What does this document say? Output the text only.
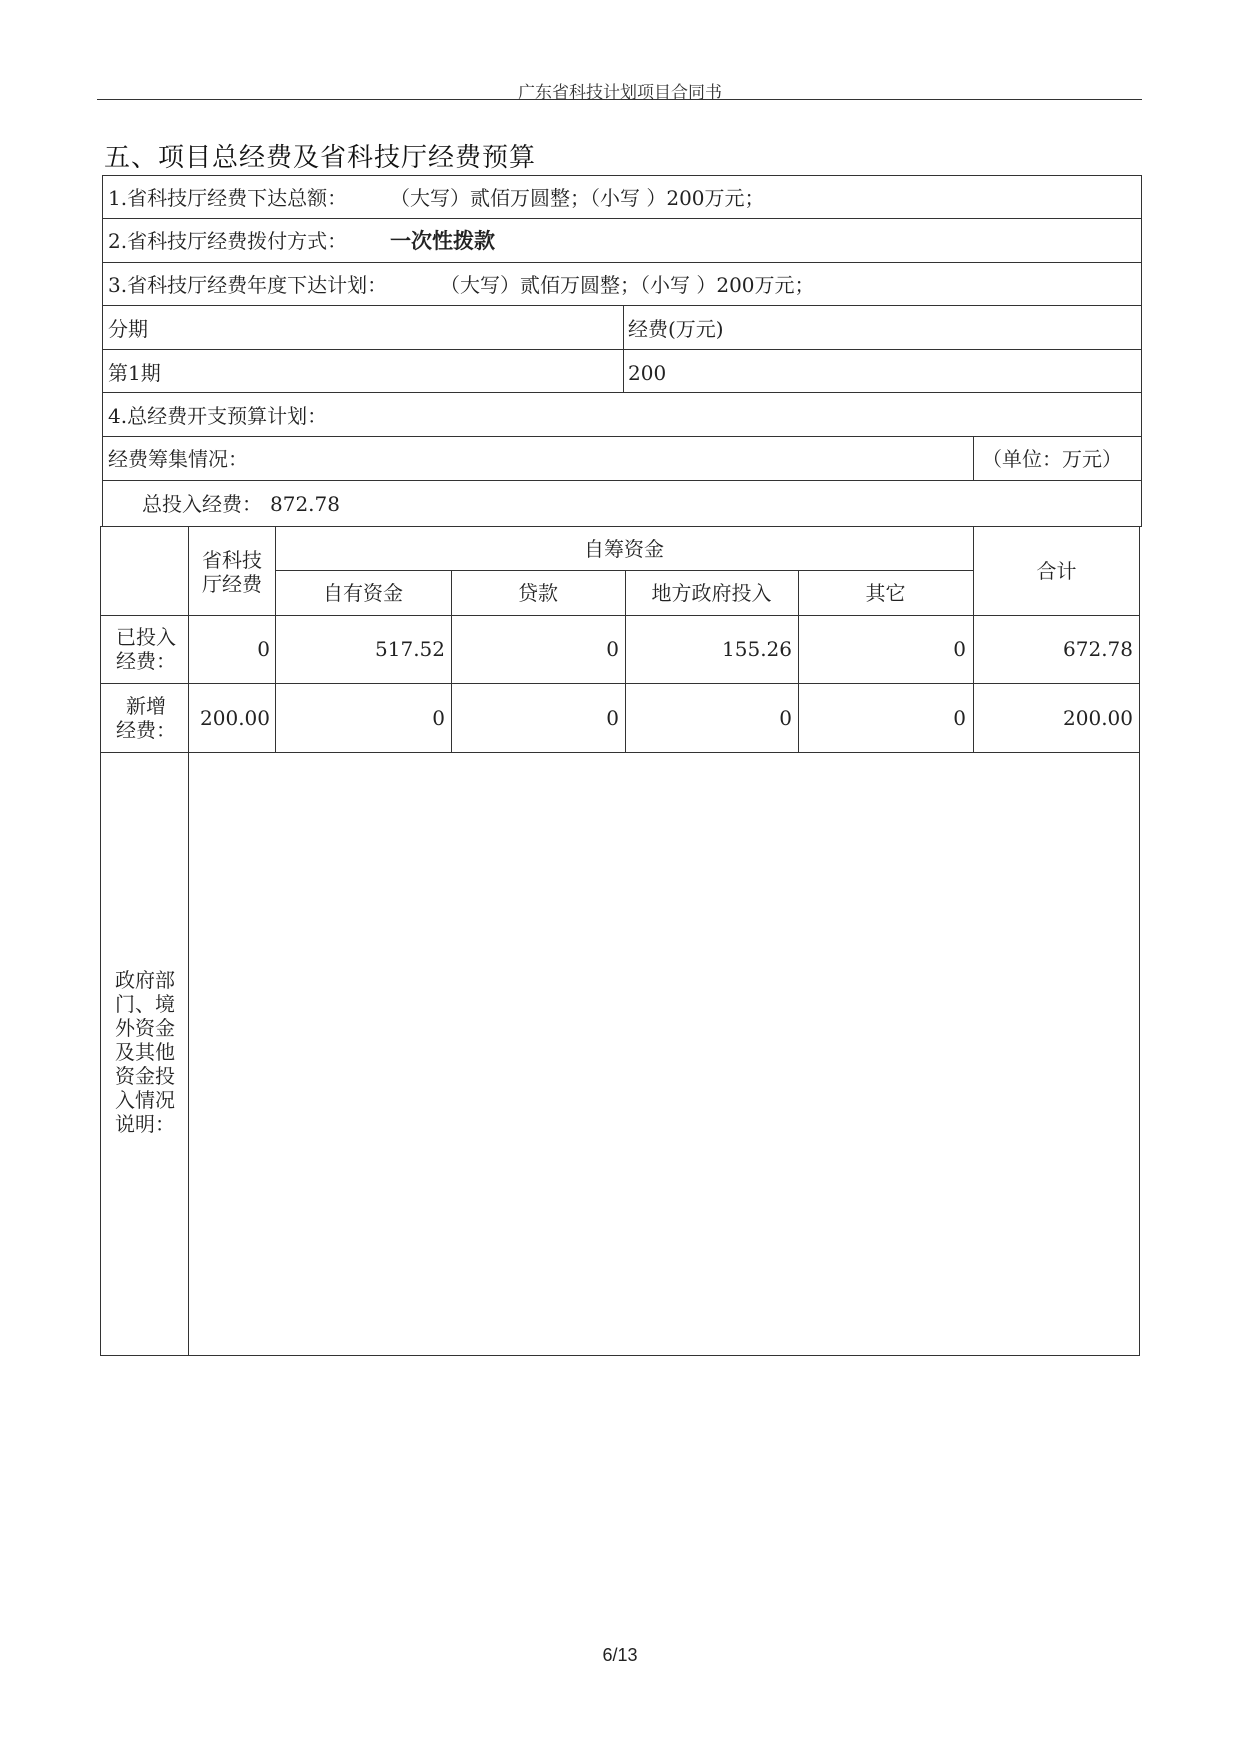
广东省科技计划项目合同书
五、项目总经费及省科技厅经费预算
1.省科技厅经费下达总额： （大写）贰佰万圆整；（小写 ）200万元；
2.省科技厅经费拨付方式： 一次性拨款
3.省科技厅经费年度下达计划：	（大写）贰佰万圆整；（小写 ）200万元；
分期	经费(万元)
第1期	200
4.总经费开支预算计划：
经费筹集情况：	（单位：万元）
总投入经费： 872.78
省科技
厅经费
自筹资金
自有资金	贷款	地方政府投入	其它
合计
已投入
经费：	0	517.52	0	155.26	0	672.78
新增
经费：	200.00	0	0	0	0	200.00
政府部
门、境
外资金
及其他
资金投
入情况
说明：
6/13
